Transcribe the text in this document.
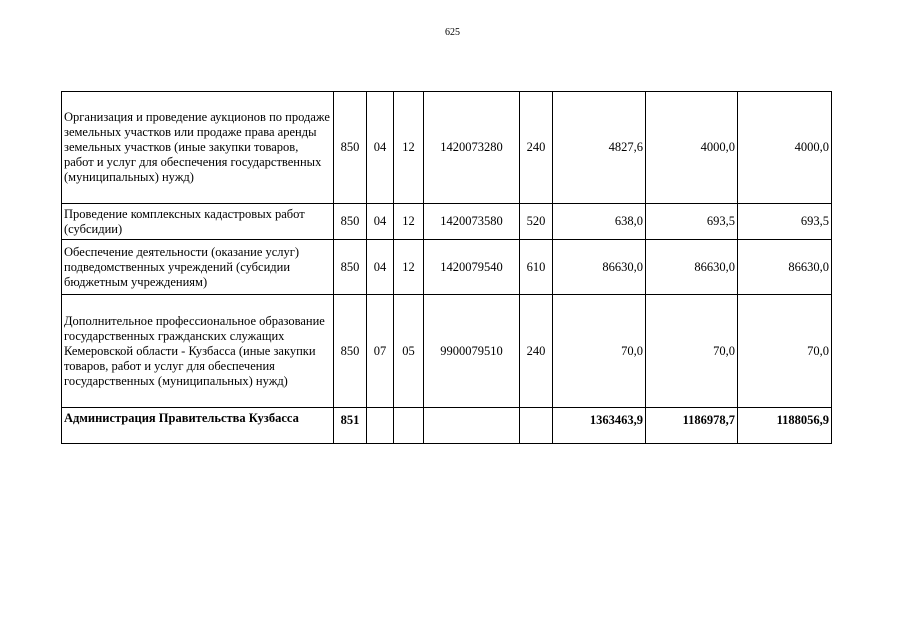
625
Организация и проведение аукционов по продаже земельных участков или продаже права аренды земельных участков (иные закупки товаров, работ и услуг для обеспечения государственных (муниципальных) нужд)	850	04	12	1420073280	240	4827,6	4000,0	4000,0
Проведение комплексных кадастровых работ (субсидии)	850	04	12	1420073580	520	638,0	693,5	693,5
Обеспечение деятельности (оказание услуг) подведомственных учреждений (субсидии бюджетным учреждениям)	850	04	12	1420079540	610	86630,0	86630,0	86630,0
Дополнительное профессиональное образование государственных гражданских служащих Кемеровской области - Кузбасса (иные закупки товаров, работ и услуг для обеспечения государственных (муниципальных) нужд)	850	07	05	9900079510	240	70,0	70,0	70,0
Администрация Правительства Кузбасса	851					1363463,9	1186978,7	1188056,9
